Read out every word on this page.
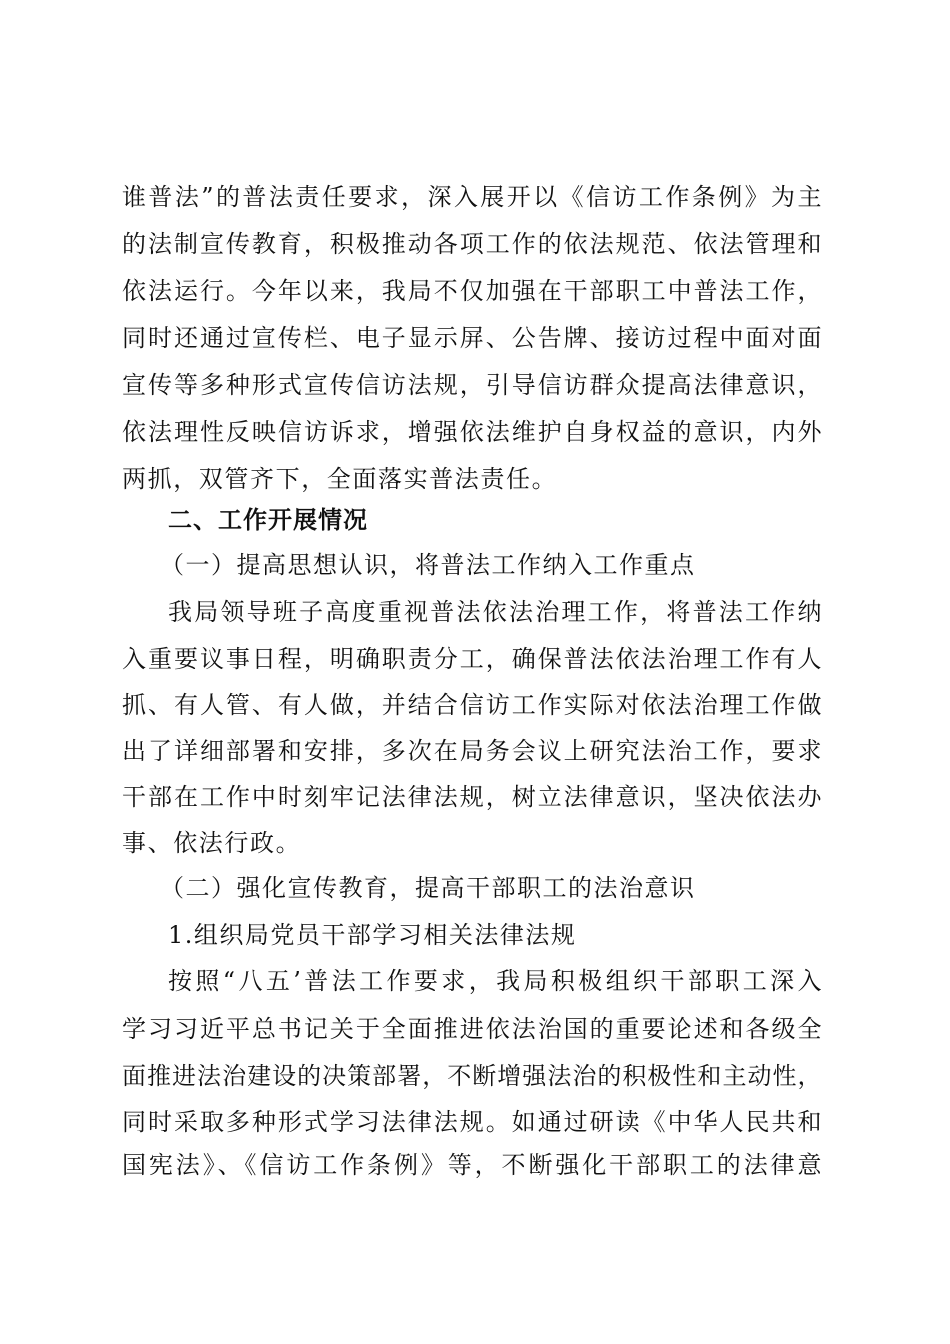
谁普法”的普法责任要求，深入展开以《信访工作条例》为主
的法制宣传教育，积极推动各项工作的依法规范、依法管理和
依法运行。今年以来，我局不仅加强在干部职工中普法工作，
同时还通过宣传栏、电子显示屏、公告牌、接访过程中面对面
宣传等多种形式宣传信访法规，引导信访群众提高法律意识，
依法理性反映信访诉求，增强依法维护自身权益的意识，内外
两抓，双管齐下，全面落实普法责任。
二、工作开展情况
（一）提高思想认识，将普法工作纳入工作重点
我局领导班子高度重视普法依法治理工作，将普法工作纳
入重要议事日程，明确职责分工，确保普法依法治理工作有人
抓、有人管、有人做，并结合信访工作实际对依法治理工作做
出了详细部署和安排，多次在局务会议上研究法治工作，要求
干部在工作中时刻牢记法律法规，树立法律意识，坚决依法办
事、依法行政。
（二）强化宣传教育，提高干部职工的法治意识
1.组织局党员干部学习相关法律法规
按照“八五’普法工作要求，我局积极组织干部职工深入
学习习近平总书记关于全面推进依法治国的重要论述和各级全
面推进法治建设的决策部署，不断增强法治的积极性和主动性，
同时采取多种形式学习法律法规。如通过研读《中华人民共和
国宪法》、《信访工作条例》等，不断强化干部职工的法律意
